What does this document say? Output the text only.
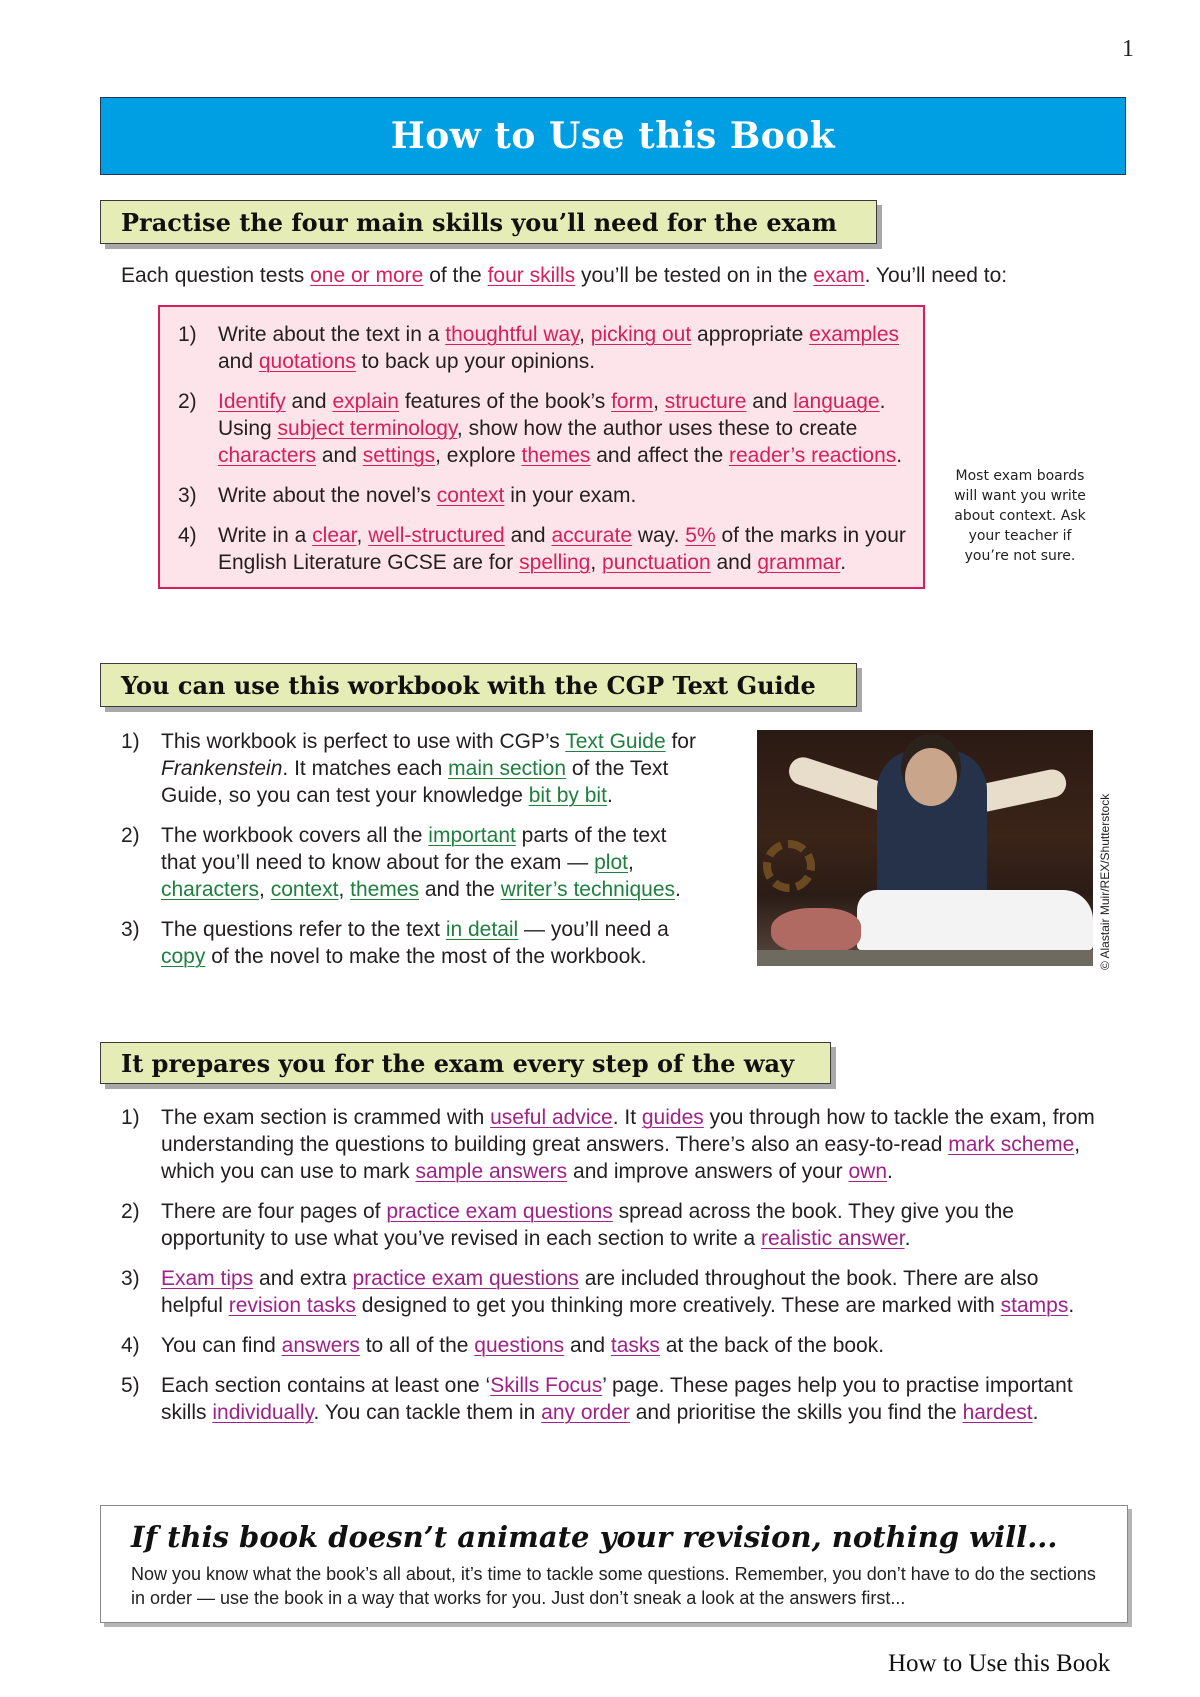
1
How to Use this Book
Practise the four main skills you’ll need for the exam
Each question tests one or more of the four skills you’ll be tested on in the exam. You’ll need to:
1) Write about the text in a thoughtful way, picking out appropriate examples and quotations to back up your opinions.
2) Identify and explain features of the book’s form, structure and language. Using subject terminology, show how the author uses these to create characters and settings, explore themes and affect the reader’s reactions.
3) Write about the novel’s context in your exam.
4) Write in a clear, well-structured and accurate way. 5% of the marks in your English Literature GCSE are for spelling, punctuation and grammar.
Most exam boards will want you write about context. Ask your teacher if you’re not sure.
You can use this workbook with the CGP Text Guide
1) This workbook is perfect to use with CGP’s Text Guide for Frankenstein. It matches each main section of the Text Guide, so you can test your knowledge bit by bit.
2) The workbook covers all the important parts of the text that you’ll need to know about for the exam — plot, characters, context, themes and the writer’s techniques.
3) The questions refer to the text in detail — you’ll need a copy of the novel to make the most of the workbook.	© Alastair Muir/REX/Shutterstock
It prepares you for the exam every step of the way
1) The exam section is crammed with useful advice. It guides you through how to tackle the exam, from understanding the questions to building great answers. There’s also an easy-to-read mark scheme, which you can use to mark sample answers and improve answers of your own.
2) There are four pages of practice exam questions spread across the book. They give you the opportunity to use what you’ve revised in each section to write a realistic answer.
3) Exam tips and extra practice exam questions are included throughout the book. There are also helpful revision tasks designed to get you thinking more creatively. These are marked with stamps.
4) You can find answers to all of the questions and tasks at the back of the book.
5) Each section contains at least one ‘Skills Focus’ page. These pages help you to practise important skills individually. You can tackle them in any order and prioritise the skills you find the hardest.
If this book doesn’t animate your revision, nothing will...
Now you know what the book’s all about, it’s time to tackle some questions. Remember, you don’t have to do the sections in order — use the book in a way that works for you. Just don’t sneak a look at the answers first...
How to Use this Book
